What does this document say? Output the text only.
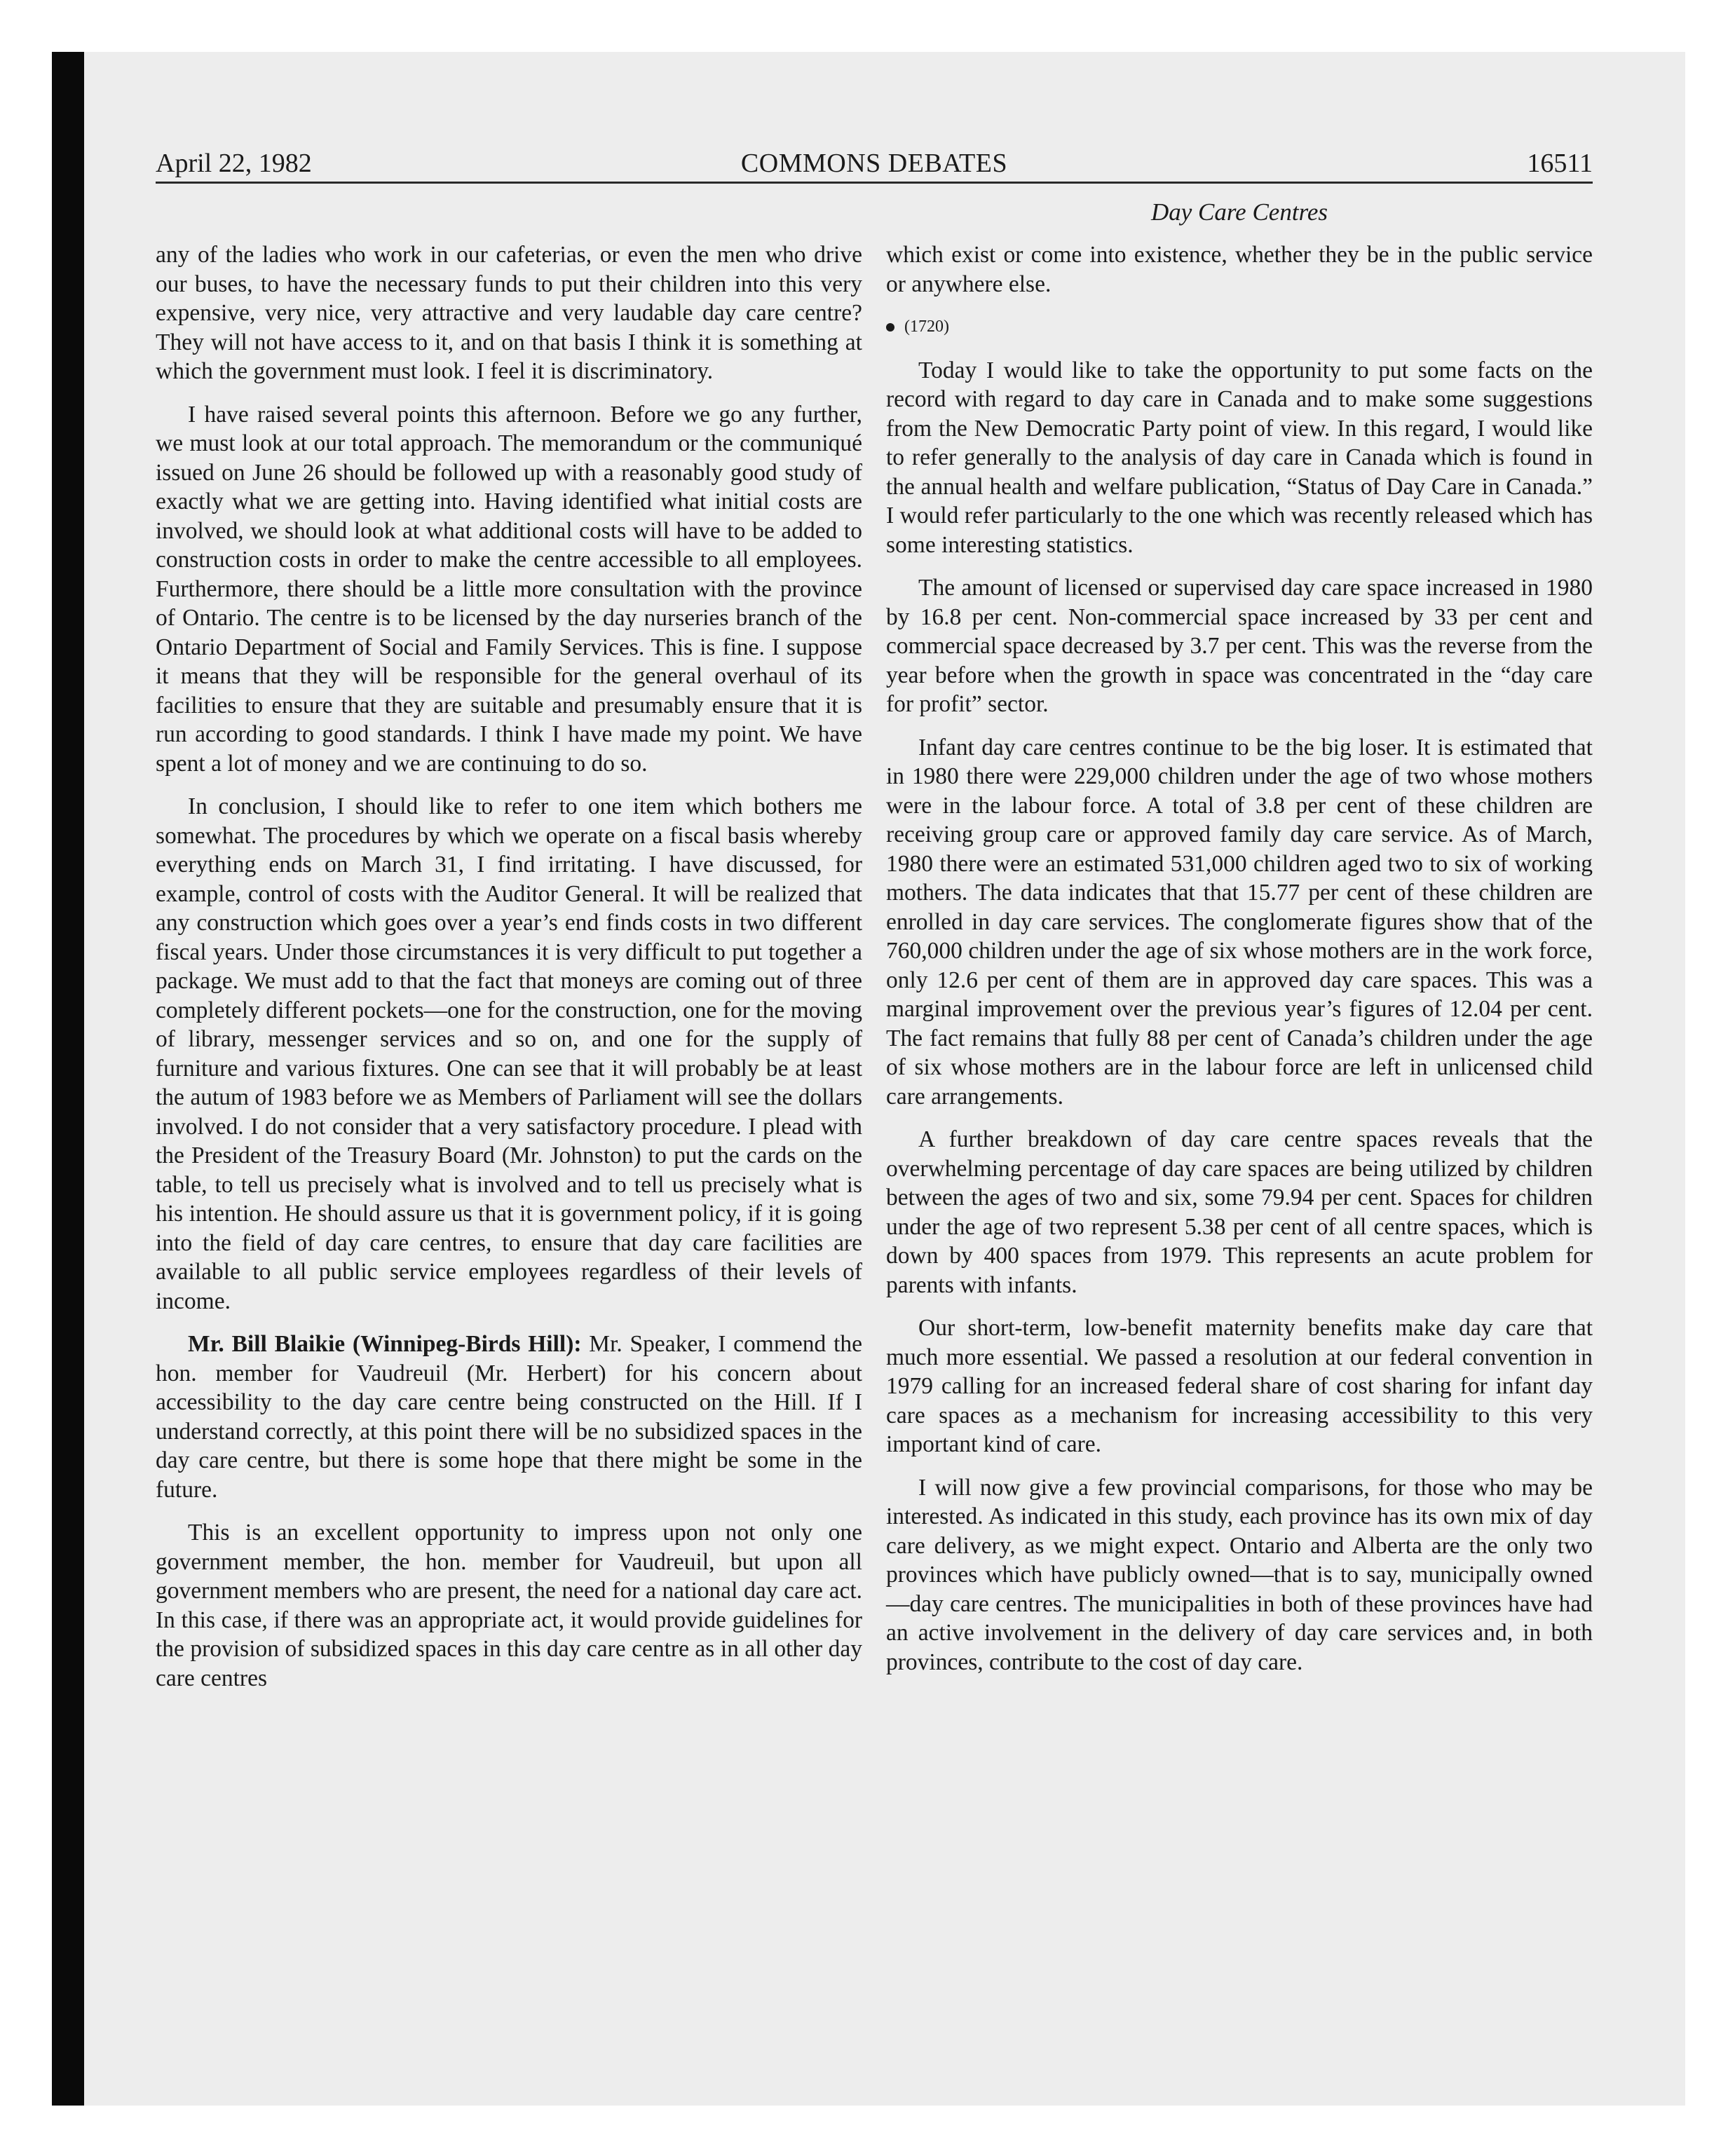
April 22, 1982	COMMONS DEBATES	16511
Day Care Centres

any of the ladies who work in our cafeterias, or even the men who drive our buses, to have the necessary funds to put their children into this very expensive, very nice, very attractive and very laudable day care centre? They will not have access to it, and on that basis I think it is something at which the government must look. I feel it is discriminatory.

I have raised several points this afternoon. Before we go any further, we must look at our total approach. The memorandum or the communiqué issued on June 26 should be followed up with a reasonably good study of exactly what we are getting into. Having identified what initial costs are involved, we should look at what additional costs will have to be added to construction costs in order to make the centre accessible to all employees. Furthermore, there should be a little more consultation with the province of Ontario. The centre is to be licensed by the day nurseries branch of the Ontario Department of Social and Family Services. This is fine. I suppose it means that they will be responsible for the general overhaul of its facilities to ensure that they are suitable and presumably ensure that it is run according to good standards. I think I have made my point. We have spent a lot of money and we are continuing to do so.

In conclusion, I should like to refer to one item which bothers me somewhat. The procedures by which we operate on a fiscal basis whereby everything ends on March 31, I find irritating. I have discussed, for example, control of costs with the Auditor General. It will be realized that any construction which goes over a year’s end finds costs in two different fiscal years. Under those circumstances it is very difficult to put together a package. We must add to that the fact that moneys are coming out of three completely different pockets—one for the construction, one for the moving of library, messenger services and so on, and one for the supply of furniture and various fixtures. One can see that it will probably be at least the autum of 1983 before we as Members of Parliament will see the dollars involved. I do not consider that a very satisfactory procedure. I plead with the President of the Treasury Board (Mr. Johnston) to put the cards on the table, to tell us precisely what is involved and to tell us precisely what is his intention. He should assure us that it is government policy, if it is going into the field of day care centres, to ensure that day care facilities are available to all public service employees regardless of their levels of income.

Mr. Bill Blaikie (Winnipeg-Birds Hill): Mr. Speaker, I commend the hon. member for Vaudreuil (Mr. Herbert) for his concern about accessibility to the day care centre being constructed on the Hill. If I understand correctly, at this point there will be no subsidized spaces in the day care centre, but there is some hope that there might be some in the future.

This is an excellent opportunity to impress upon not only one government member, the hon. member for Vaudreuil, but upon all government members who are present, the need for a national day care act. In this case, if there was an appropriate act, it would provide guidelines for the provision of subsidized spaces in this day care centre as in all other day care centres

which exist or come into existence, whether they be in the public service or anywhere else.

(1720)

Today I would like to take the opportunity to put some facts on the record with regard to day care in Canada and to make some suggestions from the New Democratic Party point of view. In this regard, I would like to refer generally to the analysis of day care in Canada which is found in the annual health and welfare publication, “Status of Day Care in Canada.” I would refer particularly to the one which was recently released which has some interesting statistics.

The amount of licensed or supervised day care space increased in 1980 by 16.8 per cent. Non-commercial space increased by 33 per cent and commercial space decreased by 3.7 per cent. This was the reverse from the year before when the growth in space was concentrated in the “day care for profit” sector.

Infant day care centres continue to be the big loser. It is estimated that in 1980 there were 229,000 children under the age of two whose mothers were in the labour force. A total of 3.8 per cent of these children are receiving group care or approved family day care service. As of March, 1980 there were an estimated 531,000 children aged two to six of working mothers. The data indicates that that 15.77 per cent of these children are enrolled in day care services. The conglomerate figures show that of the 760,000 children under the age of six whose mothers are in the work force, only 12.6 per cent of them are in approved day care spaces. This was a marginal improvement over the previous year’s figures of 12.04 per cent. The fact remains that fully 88 per cent of Canada’s children under the age of six whose mothers are in the labour force are left in unlicensed child care arrangements.

A further breakdown of day care centre spaces reveals that the overwhelming percentage of day care spaces are being utilized by children between the ages of two and six, some 79.94 per cent. Spaces for children under the age of two represent 5.38 per cent of all centre spaces, which is down by 400 spaces from 1979. This represents an acute problem for parents with infants.

Our short-term, low-benefit maternity benefits make day care that much more essential. We passed a resolution at our federal convention in 1979 calling for an increased federal share of cost sharing for infant day care spaces as a mechanism for increasing accessibility to this very important kind of care.

I will now give a few provincial comparisons, for those who may be interested. As indicated in this study, each province has its own mix of day care delivery, as we might expect. Ontario and Alberta are the only two provinces which have publicly owned—that is to say, municipally owned—day care centres. The municipalities in both of these provinces have had an active involvement in the delivery of day care services and, in both provinces, contribute to the cost of day care.
